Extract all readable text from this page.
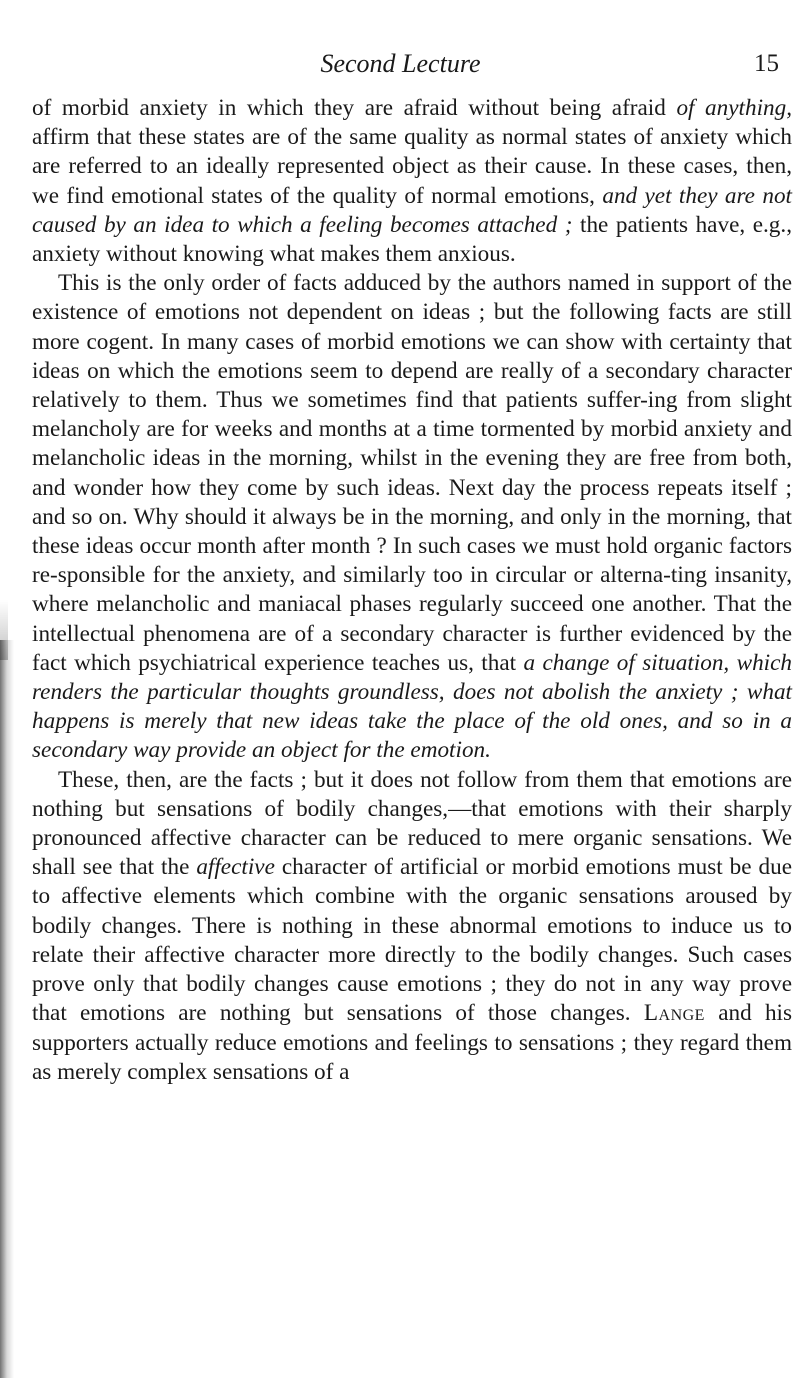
Second Lecture	15

of morbid anxiety in which they are afraid without being afraid of anything, affirm that these states are of the same quality as normal states of anxiety which are referred to an ideally represented object as their cause. In these cases, then, we find emotional states of the quality of normal emotions, and yet they are not caused by an idea to which a feeling becomes attached ; the patients have, e.g., anxiety without knowing what makes them anxious.

This is the only order of facts adduced by the authors named in support of the existence of emotions not dependent on ideas ; but the following facts are still more cogent. In many cases of morbid emotions we can show with certainty that ideas on which the emotions seem to depend are really of a secondary character relatively to them. Thus we sometimes find that patients suffer-ing from slight melancholy are for weeks and months at a time tormented by morbid anxiety and melancholic ideas in the morning, whilst in the evening they are free from both, and wonder how they come by such ideas. Next day the process repeats itself ; and so on. Why should it always be in the morning, and only in the morning, that these ideas occur month after month ? In such cases we must hold organic factors re-sponsible for the anxiety, and similarly too in circular or alterna-ting insanity, where melancholic and maniacal phases regularly succeed one another. That the intellectual phenomena are of a secondary character is further evidenced by the fact which psychiatrical experience teaches us, that a change of situation, which renders the particular thoughts groundless, does not abolish the anxiety ; what happens is merely that new ideas take the place of the old ones, and so in a secondary way provide an object for the emotion.

These, then, are the facts ; but it does not follow from them that emotions are nothing but sensations of bodily changes,—that emotions with their sharply pronounced affective character can be reduced to mere organic sensations. We shall see that the affective character of artificial or morbid emotions must be due to affective elements which combine with the organic sensations aroused by bodily changes. There is nothing in these abnormal emotions to induce us to relate their affective character more directly to the bodily changes. Such cases prove only that bodily changes cause emotions ; they do not in any way prove that emotions are nothing but sensations of those changes. Lange and his supporters actually reduce emotions and feelings to sensations ; they regard them as merely complex sensations of a
